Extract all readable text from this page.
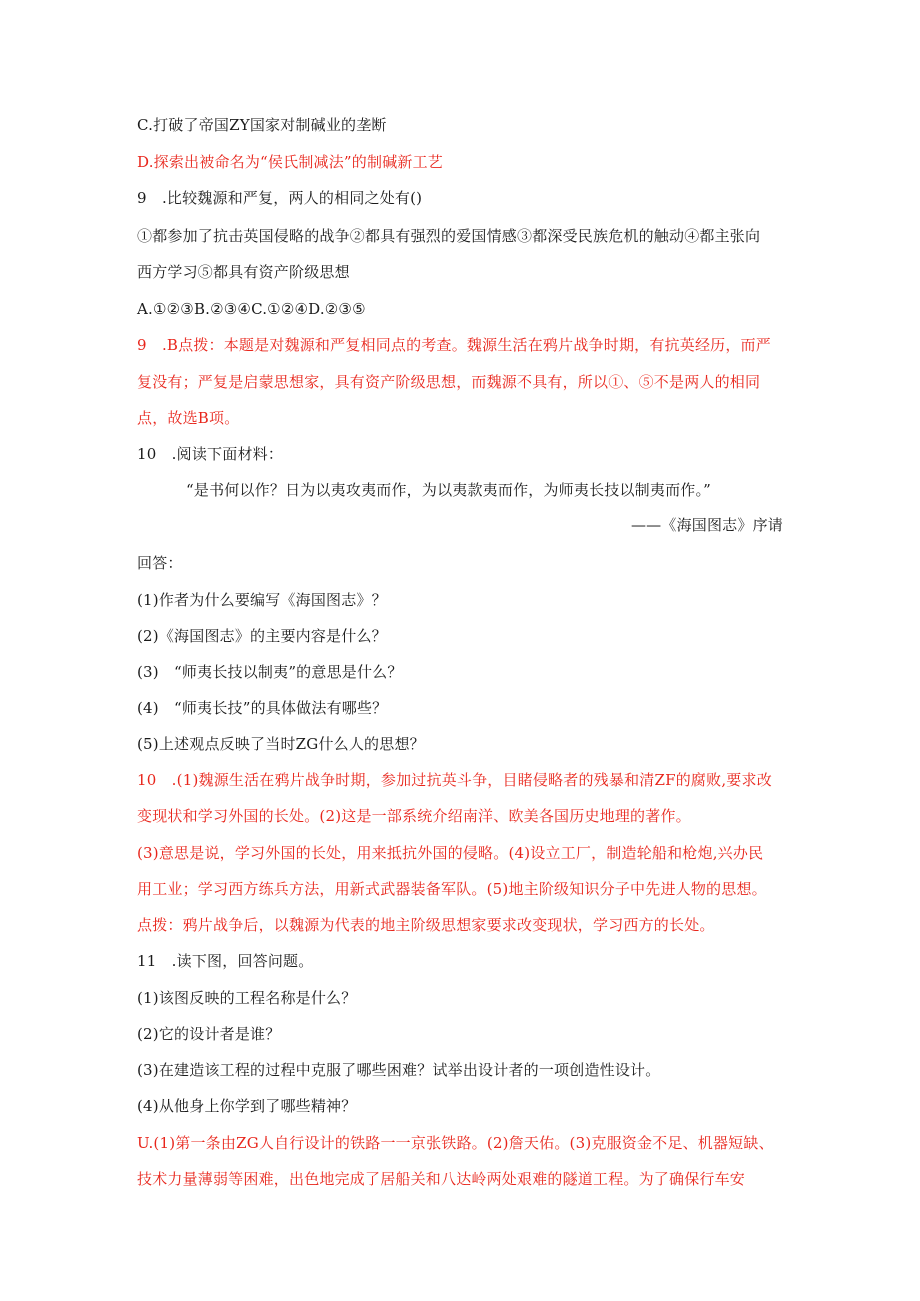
C.打破了帝国ZY国家对制碱业的垄断
D.探索出被命名为“侯氏制减法”的制碱新工艺
9　.比较魏源和严复，两人的相同之处有()
①都参加了抗击英国侵略的战争②都具有强烈的爱国情感③都深受民族危机的触动④都主张向
西方学习⑤都具有资产阶级思想
A.①②③B.②③④C.①②④D.②③⑤
9　.B点拨：本题是对魏源和严复相同点的考查。魏源生活在鸦片战争时期，有抗英经历，而严
复没有；严复是启蒙思想家，具有资产阶级思想，而魏源不具有，所以①、⑤不是两人的相同
点，故选B项。
10　.阅读下面材料：
“是书何以作？日为以夷攻夷而作，为以夷款夷而作，为师夷长技以制夷而作。”
——《海国图志》序请
回答：
(1)作者为什么要编写《海国图志》？
(2)《海国图志》的主要内容是什么？
(3)　“师夷长技以制夷”的意思是什么？
(4)　“师夷长技”的具体做法有哪些？
(5)上述观点反映了当时ZG什么人的思想？
10　.(1)魏源生活在鸦片战争时期，参加过抗英斗争，目睹侵略者的残暴和清ZF的腐败,要求改
变现状和学习外国的长处。(2)这是一部系统介绍南洋、欧美各国历史地理的著作。
(3)意思是说，学习外国的长处，用来抵抗外国的侵略。(4)设立工厂，制造轮船和枪炮,兴办民
用工业；学习西方练兵方法，用新式武器装备军队。(5)地主阶级知识分子中先进人物的思想。
点拨：鸦片战争后，以魏源为代表的地主阶级思想家要求改变现状，学习西方的长处。
11　.读下图，回答问题。
(1)该图反映的工程名称是什么？
(2)它的设计者是谁？
(3)在建造该工程的过程中克服了哪些困难？试举出设计者的一项创造性设计。
(4)从他身上你学到了哪些精神？
U.(1)第一条由ZG人自行设计的铁路一一京张铁路。(2)詹天佑。(3)克服资金不足、机器短缺、
技术力量薄弱等困难，出色地完成了居船关和八达岭两处艰难的隧道工程。为了确保行车安
